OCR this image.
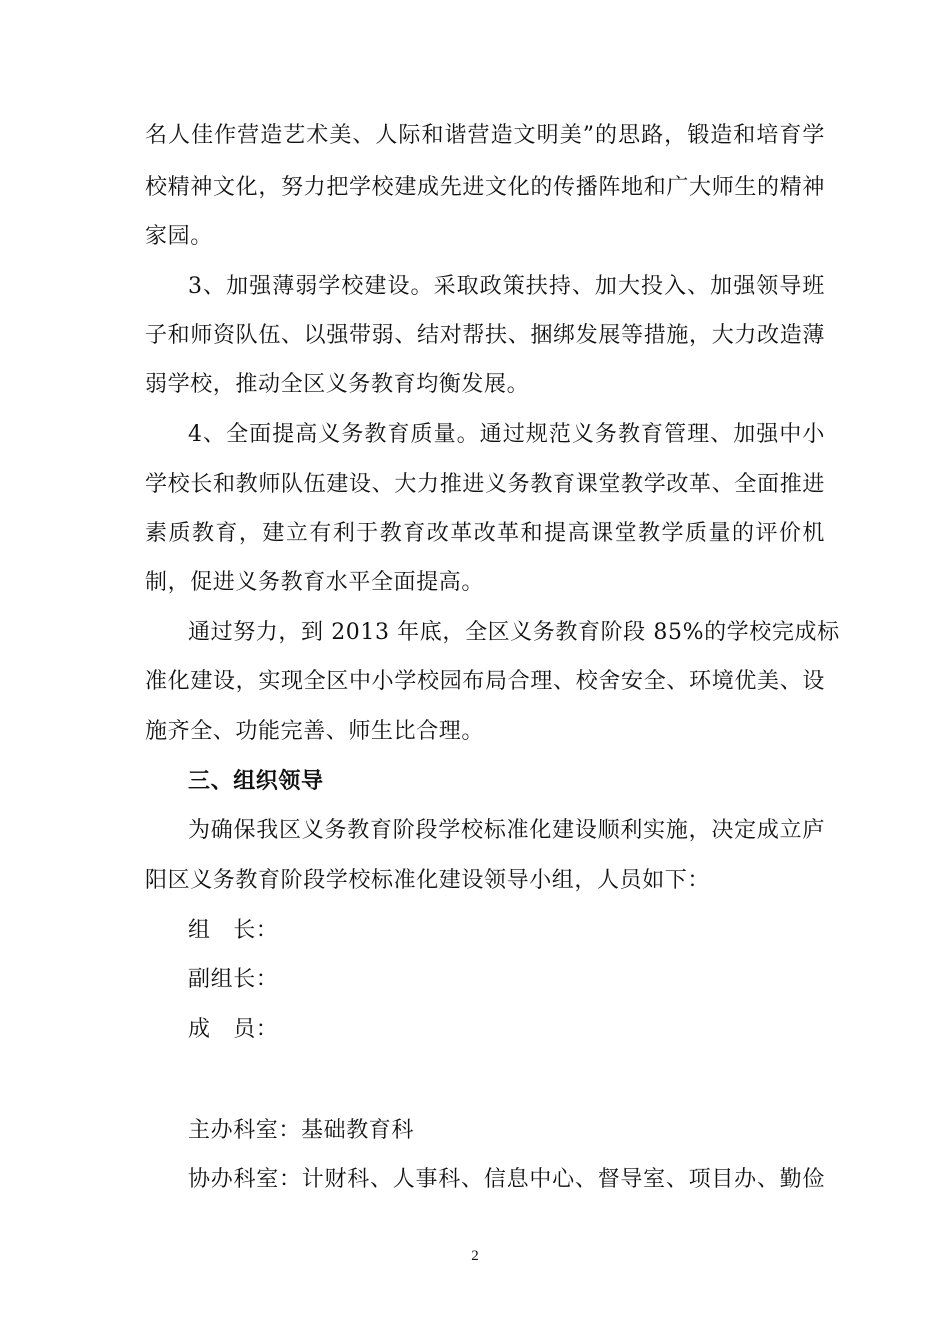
名人佳作营造艺术美、人际和谐营造文明美”的思路，锻造和培育学
校精神文化，努力把学校建成先进文化的传播阵地和广大师生的精神
家园。
3、加强薄弱学校建设。采取政策扶持、加大投入、加强领导班
子和师资队伍、以强带弱、结对帮扶、捆绑发展等措施，大力改造薄
弱学校，推动全区义务教育均衡发展。
4、全面提高义务教育质量。通过规范义务教育管理、加强中小
学校长和教师队伍建设、大力推进义务教育课堂教学改革、全面推进
素质教育，建立有利于教育改革改革和提高课堂教学质量的评价机
制，促进义务教育水平全面提高。
通过努力，到 2013 年底，全区义务教育阶段 85%的学校完成标
准化建设，实现全区中小学校园布局合理、校舍安全、环境优美、设
施齐全、功能完善、师生比合理。
三、组织领导
为确保我区义务教育阶段学校标准化建设顺利实施，决定成立庐
阳区义务教育阶段学校标准化建设领导小组，人员如下：
组　长：
副组长：
成　员：
主办科室：基础教育科
协办科室：计财科、人事科、信息中心、督导室、项目办、勤俭
2
